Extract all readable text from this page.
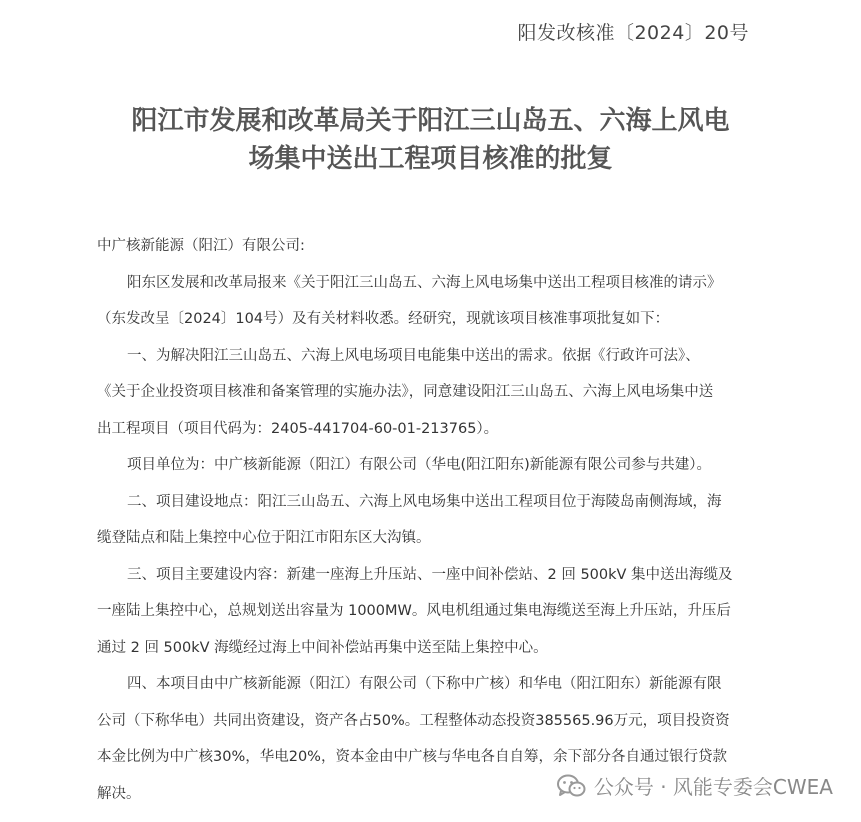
阳发改核准〔2024〕20号
阳江市发展和改革局关于阳江三山岛五、六海上风电
场集中送出工程项目核准的批复

中广核新能源（阳江）有限公司:

阳东区发展和改革局报来《关于阳江三山岛五、六海上风电场集中送出工程项目核准的请示》
（东发改呈〔2024〕104号）及有关材料收悉。经研究，现就该项目核准事项批复如下：

一、为解决阳江三山岛五、六海上风电场项目电能集中送出的需求。依据《行政许可法》、
《关于企业投资项目核准和备案管理的实施办法》，同意建设阳江三山岛五、六海上风电场集中送
出工程项目（项目代码为：2405-441704-60-01-213765）。

项目单位为：中广核新能源（阳江）有限公司（华电(阳江阳东)新能源有限公司参与共建）。

二、项目建设地点：阳江三山岛五、六海上风电场集中送出工程项目位于海陵岛南侧海域，海
缆登陆点和陆上集控中心位于阳江市阳东区大沟镇。

三、项目主要建设内容：新建一座海上升压站、一座中间补偿站、2 回 500kV 集中送出海缆及
一座陆上集控中心，总规划送出容量为 1000MW。风电机组通过集电海缆送至海上升压站，升压后
通过 2 回 500kV 海缆经过海上中间补偿站再集中送至陆上集控中心。

四、本项目由中广核新能源（阳江）有限公司（下称中广核）和华电（阳江阳东）新能源有限
公司（下称华电）共同出资建设，资产各占50%。工程整体动态投资385565.96万元，项目投资资
本金比例为中广核30%，华电20%，资本金由中广核与华电各自自筹，余下部分各自通过银行贷款
解决。	公众号 · 风能专委会CWEA
